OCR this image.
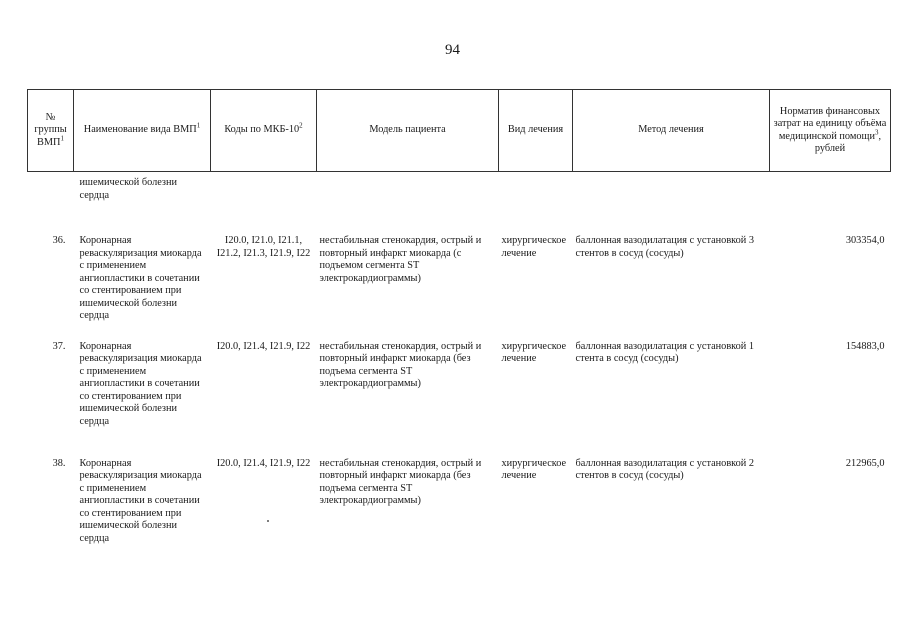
94
№ группы ВМП$^1$	Наименование вида ВМП$^1$	Коды по МКБ-$10^2$	Модель пациента	Вид лечения	Метод лечения	Норматив финансовых затрат на единицу объёма медицинской помощи$^3$, рублей
	ишемической болезни сердца					
36.	Коронарная реваскуляризация миокарда с применением ангиопластики в сочетании со стентированием при ишемической болезни сердца	I20.0, I21.0, I21.1, I21.2, I21.3, I21.9, I22	нестабильная стенокардия, острый и повторный инфаркт миокарда (с подъемом сегмента ST электрокардиограммы)	хирургическое лечение	баллонная вазодилатация с установкой 3 стентов в сосуд (сосуды)	303354,0
37.	Коронарная реваскуляризация миокарда с применением ангиопластики в сочетании со стентированием при ишемической болезни сердца	I20.0, I21.4, I21.9, I22	нестабильная стенокардия, острый и повторный инфаркт миокарда (без подъема сегмента ST электрокардиограммы)	хирургическое лечение	баллонная вазодилатация с установкой 1 стента в сосуд (сосуды)	154883,0
38.	Коронарная реваскуляризация миокарда с применением ангиопластики в сочетании со стентированием при ишемической болезни сердца	I20.0, I21.4, I21.9, I22	нестабильная стенокардия, острый и повторный инфаркт миокарда (без подъема сегмента ST электрокардиограммы)	хирургическое лечение	баллонная вазодилатация с установкой 2 стентов в сосуд (сосуды)	212965,0
